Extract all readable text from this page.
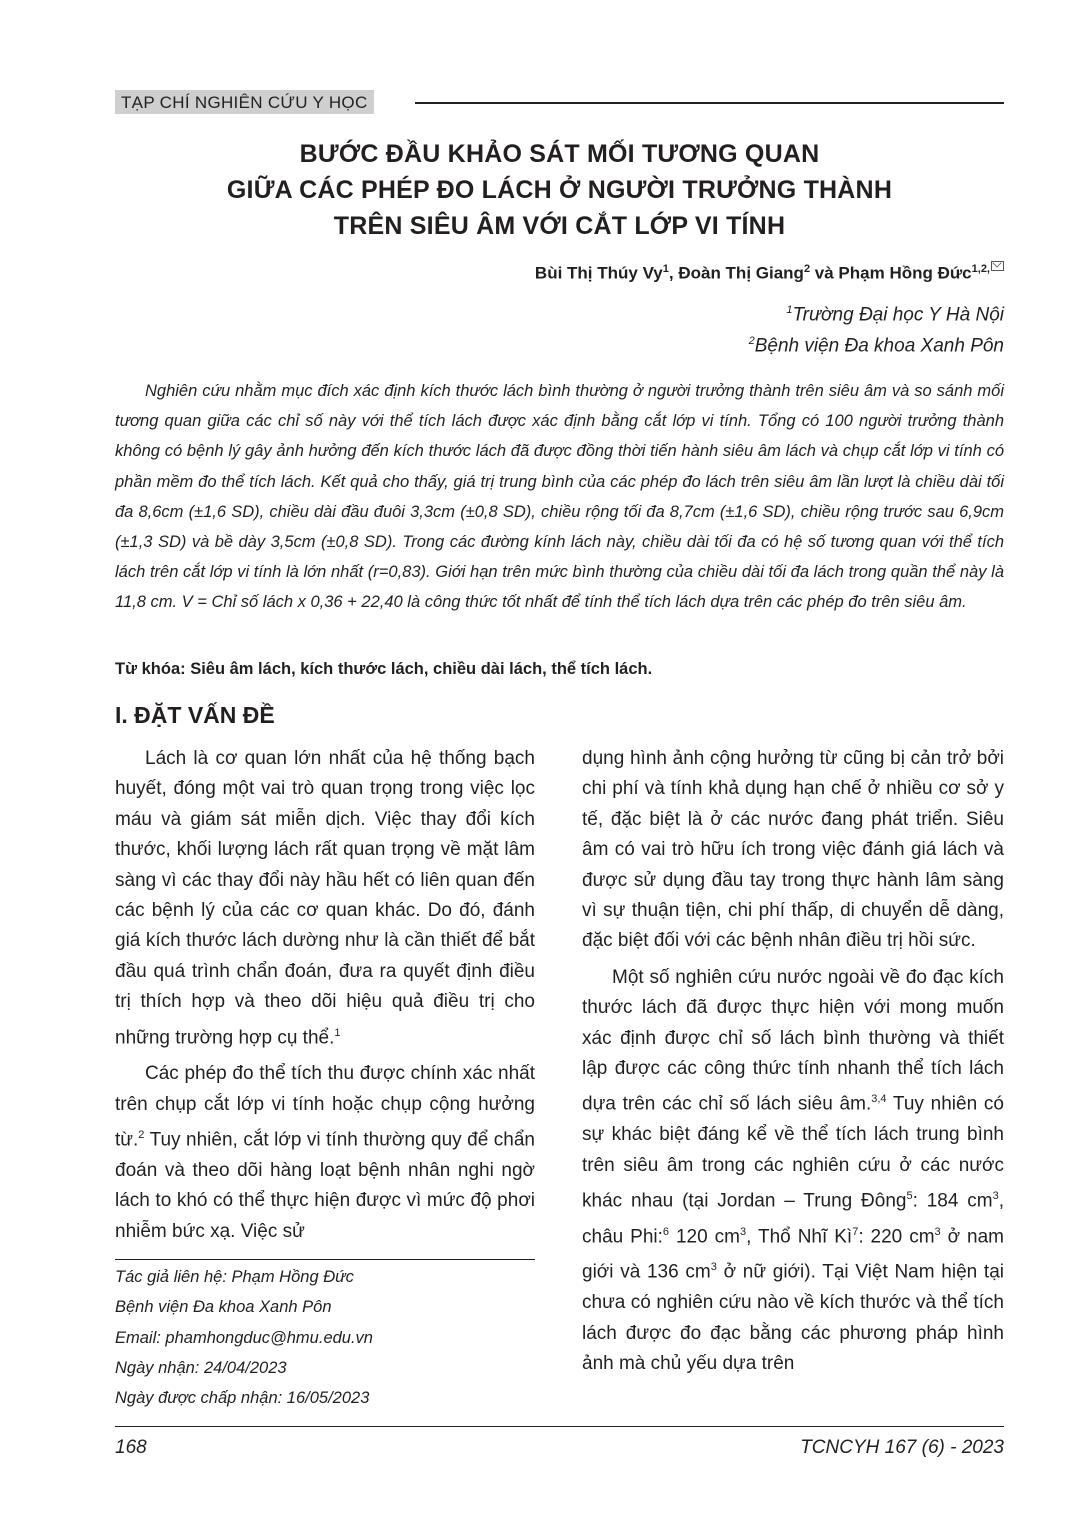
TẠP CHÍ NGHIÊN CỨU Y HỌC
BƯỚC ĐẦU KHẢO SÁT MỐI TƯƠNG QUAN
GIỮA CÁC PHÉP ĐO LÁCH Ở NGƯỜI TRƯỞNG THÀNH
TRÊN SIÊU ÂM VỚI CẮT LỚP VI TÍNH
Bùi Thị Thúy Vy$^1$, Đoàn Thị Giang$^2$ và Phạm Hồng Đức$^{1,2,}$
$^1$Trường Đại học Y Hà Nội
$^2$Bệnh viện Đa khoa Xanh Pôn

Nghiên cứu nhằm mục đích xác định kích thước lách bình thường ở người trưởng thành trên siêu âm và so sánh mối tương quan giữa các chỉ số này với thể tích lách được xác định bằng cắt lớp vi tính. Tổng có 100 người trưởng thành không có bệnh lý gây ảnh hưởng đến kích thước lách đã được đồng thời tiến hành siêu âm lách và chụp cắt lớp vi tính có phần mềm đo thể tích lách. Kết quả cho thấy, giá trị trung bình của các phép đo lách trên siêu âm lần lượt là chiều dài tối đa 8,6cm (±1,6 SD), chiều dài đầu đuôi 3,3cm (±0,8 SD), chiều rộng tối đa 8,7cm (±1,6 SD), chiều rộng trước sau 6,9cm (±1,3 SD) và bề dày 3,5cm (±0,8 SD). Trong các đường kính lách này, chiều dài tối đa có hệ số tương quan với thể tích lách trên cắt lớp vi tính là lớn nhất (r=0,83). Giới hạn trên mức bình thường của chiều dài tối đa lách trong quần thể này là 11,8 cm. V = Chỉ số lách x 0,36 + 22,40 là công thức tốt nhất để tính thể tích lách dựa trên các phép đo trên siêu âm.

Từ khóa: Siêu âm lách, kích thước lách, chiều dài lách, thể tích lách.
I. ĐẶT VẤN ĐỀ

Lách là cơ quan lớn nhất của hệ thống bạch huyết, đóng một vai trò quan trọng trong việc lọc máu và giám sát miễn dịch. Việc thay đổi kích thước, khối lượng lách rất quan trọng về mặt lâm sàng vì các thay đổi này hầu hết có liên quan đến các bệnh lý của các cơ quan khác. Do đó, đánh giá kích thước lách dường như là cần thiết để bắt đầu quá trình chẩn đoán, đưa ra quyết định điều trị thích hợp và theo dõi hiệu quả điều trị cho những trường hợp cụ thể.$^1$

Các phép đo thể tích thu được chính xác nhất trên chụp cắt lớp vi tính hoặc chụp cộng hưởng từ.$^2$ Tuy nhiên, cắt lớp vi tính thường quy để chẩn đoán và theo dõi hàng loạt bệnh nhân nghi ngờ lách to khó có thể thực hiện được vì mức độ phơi nhiễm bức xạ. Việc sử

dụng hình ảnh cộng hưởng từ cũng bị cản trở bởi chi phí và tính khả dụng hạn chế ở nhiều cơ sở y tế, đặc biệt là ở các nước đang phát triển. Siêu âm có vai trò hữu ích trong việc đánh giá lách và được sử dụng đầu tay trong thực hành lâm sàng vì sự thuận tiện, chi phí thấp, di chuyển dễ dàng, đặc biệt đối với các bệnh nhân điều trị hồi sức.

Một số nghiên cứu nước ngoài về đo đạc kích thước lách đã được thực hiện với mong muốn xác định được chỉ số lách bình thường và thiết lập được các công thức tính nhanh thể tích lách dựa trên các chỉ số lách siêu âm.$^{3,4}$ Tuy nhiên có sự khác biệt đáng kể về thể tích lách trung bình trên siêu âm trong các nghiên cứu ở các nước khác nhau (tại Jordan – Trung Đông$^5$: 184 $cm^3$, châu Phi:$^6$ 120 $cm^3$, Thổ Nhĩ $Kì^7$: 220 $cm^3$ ở nam giới và 136 $cm^3$ ở nữ giới). Tại Việt Nam hiện tại chưa có nghiên cứu nào về kích thước và thể tích lách được đo đạc bằng các phương pháp hình ảnh mà chủ yếu dựa trên

Tác giả liên hệ: Phạm Hồng Đức
Bệnh viện Đa khoa Xanh Pôn
Email: phamhongduc@hmu.edu.vn
Ngày nhận: 24/04/2023
Ngày được chấp nhận: 16/05/2023
168	TCNCYH 167 (6) - 2023
